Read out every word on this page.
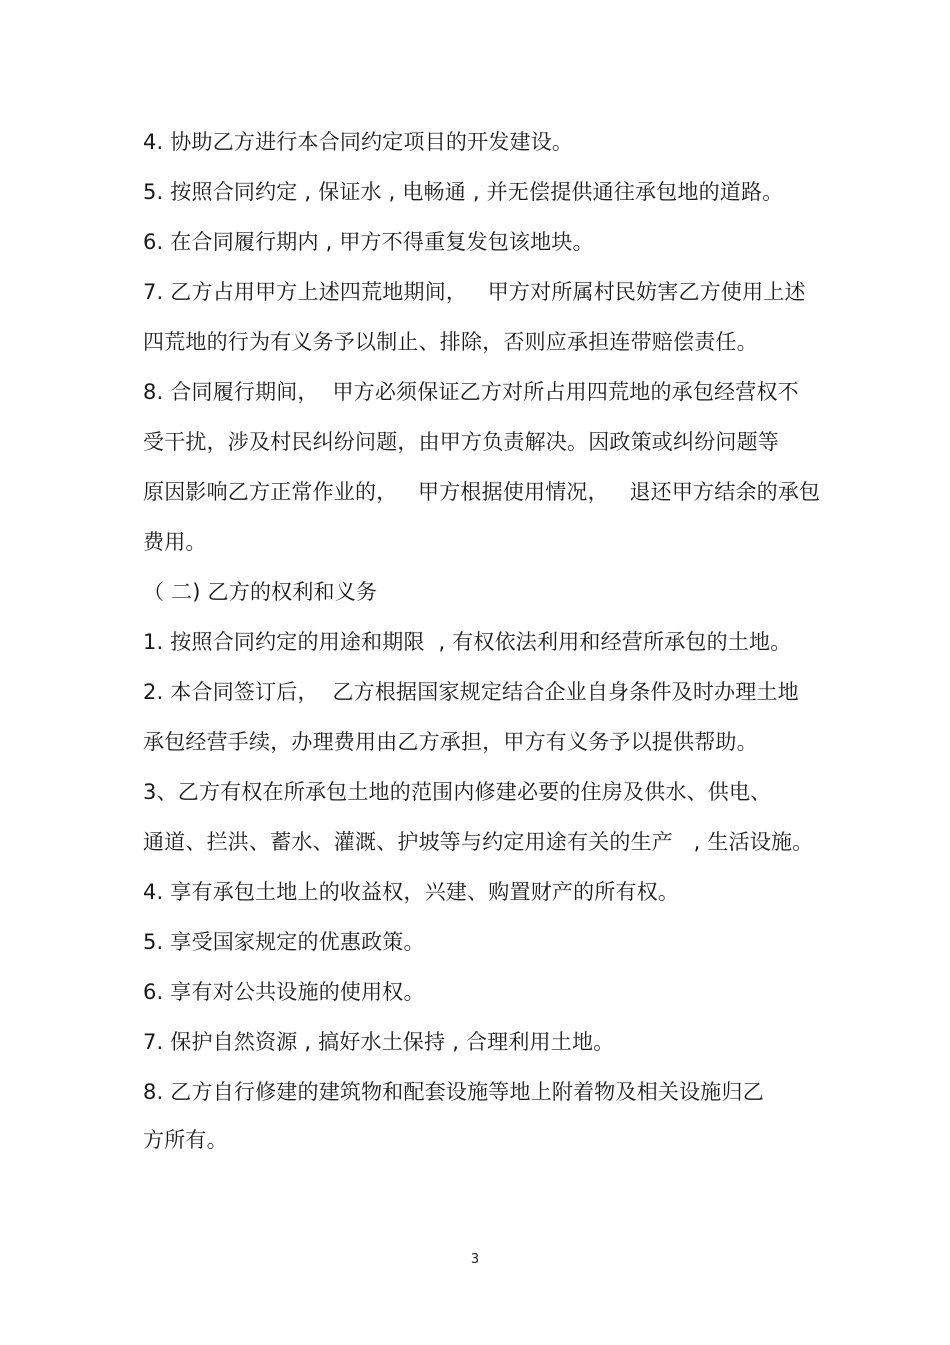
4. 协助乙方进行本合同约定项目的开发建设。
5. 按照合同约定 , 保证水 , 电畅通 , 并无偿提供通往承包地的道路。
6. 在合同履行期内 , 甲方不得重复发包该地块。
7. 乙方占用甲方上述四荒地期间，   甲方对所属村民妨害乙方使用上述
四荒地的行为有义务予以制止、排除，否则应承担连带赔偿责任。
8. 合同履行期间，  甲方必须保证乙方对所占用四荒地的承包经营权不
受干扰，涉及村民纠纷问题，由甲方负责解决。因政策或纠纷问题等
原因影响乙方正常作业的，   甲方根据使用情况，   退还甲方结余的承包
费用。
（ 二) 乙方的权利和义务
1. 按照合同约定的用途和期限  , 有权依法利用和经营所承包的土地。
2. 本合同签订后，  乙方根据国家规定结合企业自身条件及时办理土地
承包经营手续，办理费用由乙方承担，甲方有义务予以提供帮助。
3、乙方有权在所承包土地的范围内修建必要的住房及供水、供电、
通道、拦洪、蓄水、灌溉、护坡等与约定用途有关的生产   , 生活设施。
4. 享有承包土地上的收益权，兴建、购置财产的所有权。
5. 享受国家规定的优惠政策。
6. 享有对公共设施的使用权。
7. 保护自然资源 , 搞好水土保持 , 合理利用土地。
8. 乙方自行修建的建筑物和配套设施等地上附着物及相关设施归乙
方所有。
3
